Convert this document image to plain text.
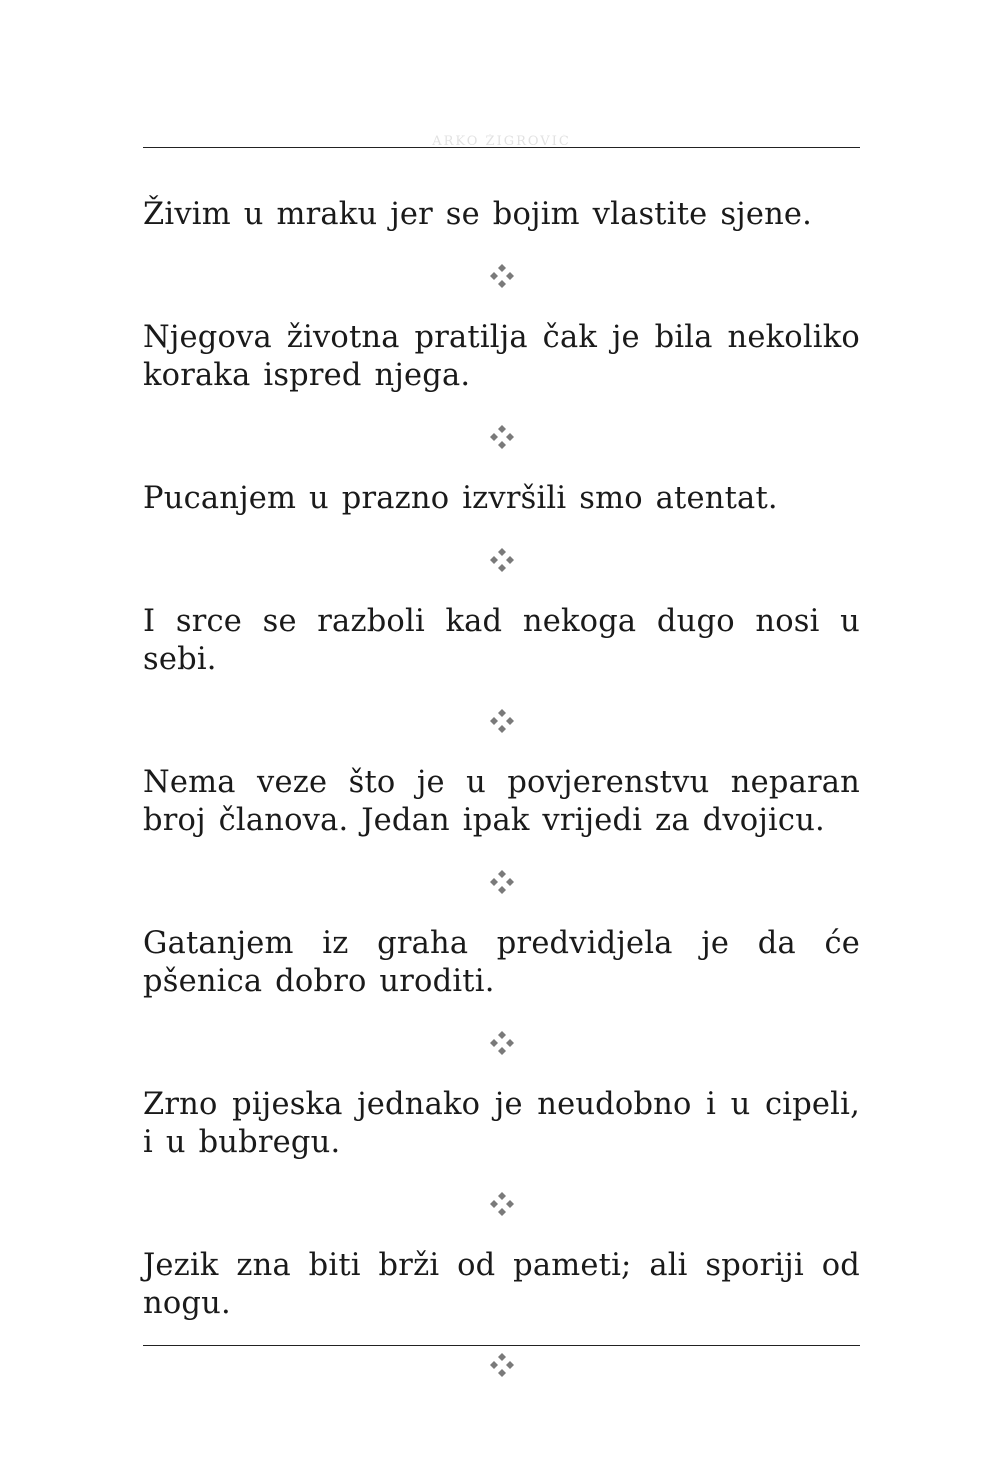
ARKO ŽIGROVIĆ

Živim u mraku jer se bojim vlastite sjene.

Njegova životna pratilja čak je bila nekoliko koraka ispred njega.

Pucanjem u prazno izvršili smo atentat.

I srce se razboli kad nekoga dugo nosi u sebi.

Nema veze što je u povjerenstvu neparan broj članova. Jedan ipak vrijedi za dvojicu.

Gatanjem iz graha predvidjela je da će pšenica dobro uroditi.

Zrno pijeska jednako je neudobno i u cipeli, i u bubregu.

Jezik zna biti brži od pameti; ali sporiji od nogu.
